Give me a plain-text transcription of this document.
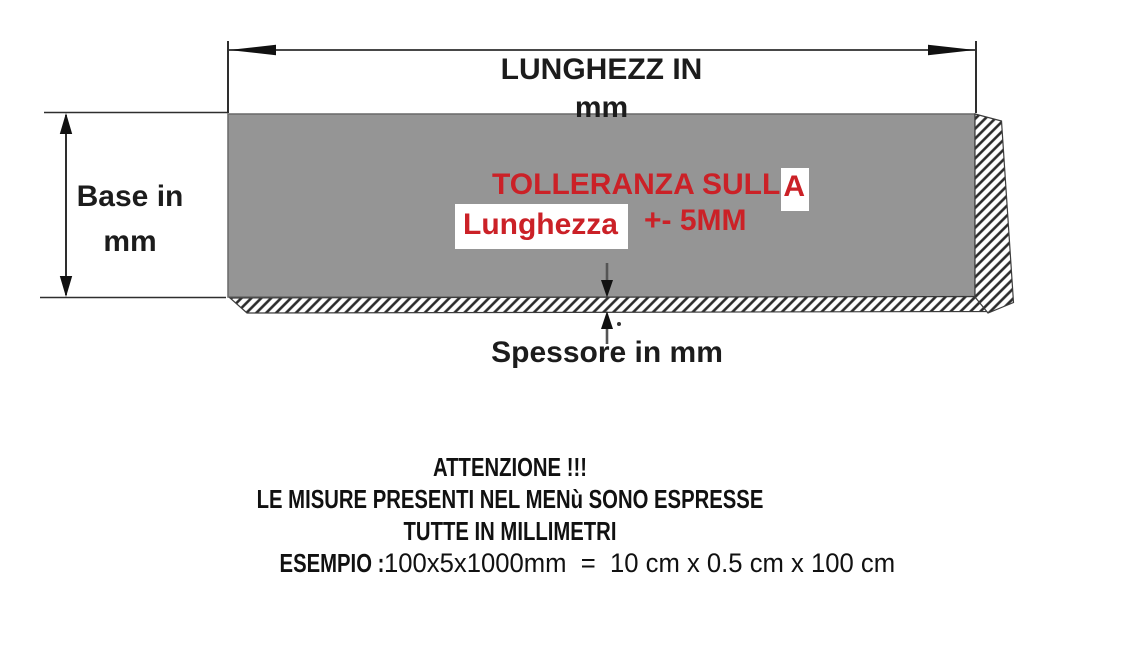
LUNGHEZZ IN
mm
Base in
mm
TOLLERANZA SULL A
Lunghezza +- 5MM
Spessore in mm
ATTENZIONE !!!
LE MISURE PRESENTI NEL MENù SONO ESPRESSE
TUTTE IN MILLIMETRI
ESEMPIO :100x5x1000mm  =  10 cm x 0.5 cm x 100 cm
